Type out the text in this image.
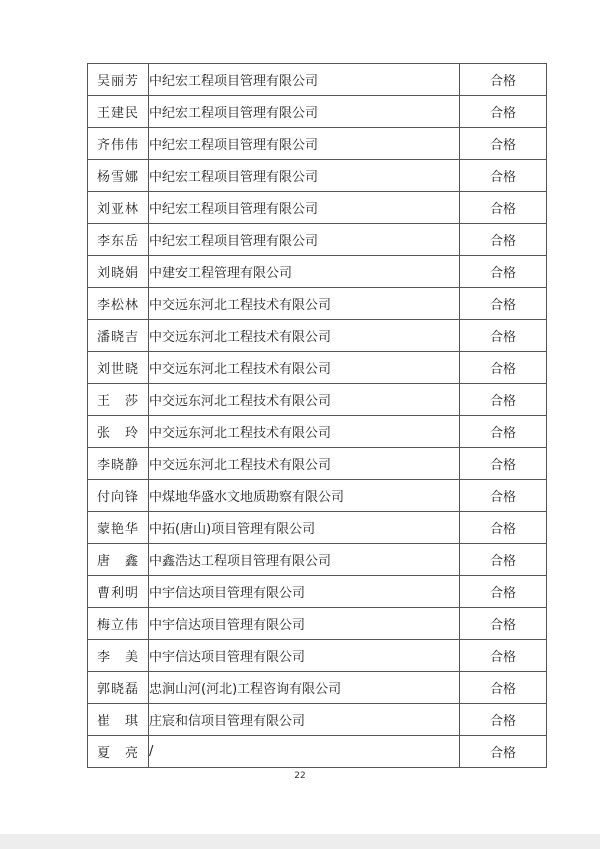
吴丽芳	中纪宏工程项目管理有限公司	合格
王建民	中纪宏工程项目管理有限公司	合格
齐伟伟	中纪宏工程项目管理有限公司	合格
杨雪娜	中纪宏工程项目管理有限公司	合格
刘亚林	中纪宏工程项目管理有限公司	合格
李东岳	中纪宏工程项目管理有限公司	合格
刘晓娟	中建安工程管理有限公司	合格
李松林	中交远东河北工程技术有限公司	合格
潘晓吉	中交远东河北工程技术有限公司	合格
刘世晓	中交远东河北工程技术有限公司	合格
王　莎	中交远东河北工程技术有限公司	合格
张　玲	中交远东河北工程技术有限公司	合格
李晓静	中交远东河北工程技术有限公司	合格
付向锋	中煤地华盛水文地质勘察有限公司	合格
蒙艳华	中拓(唐山)项目管理有限公司	合格
唐　鑫	中鑫浩达工程项目管理有限公司	合格
曹利明	中宇信达项目管理有限公司	合格
梅立伟	中宇信达项目管理有限公司	合格
李　美	中宇信达项目管理有限公司	合格
郭晓磊	忠涧山河(河北)工程咨询有限公司	合格
崔　琪	庄宸和信项目管理有限公司	合格
夏　亮	/	合格
22
